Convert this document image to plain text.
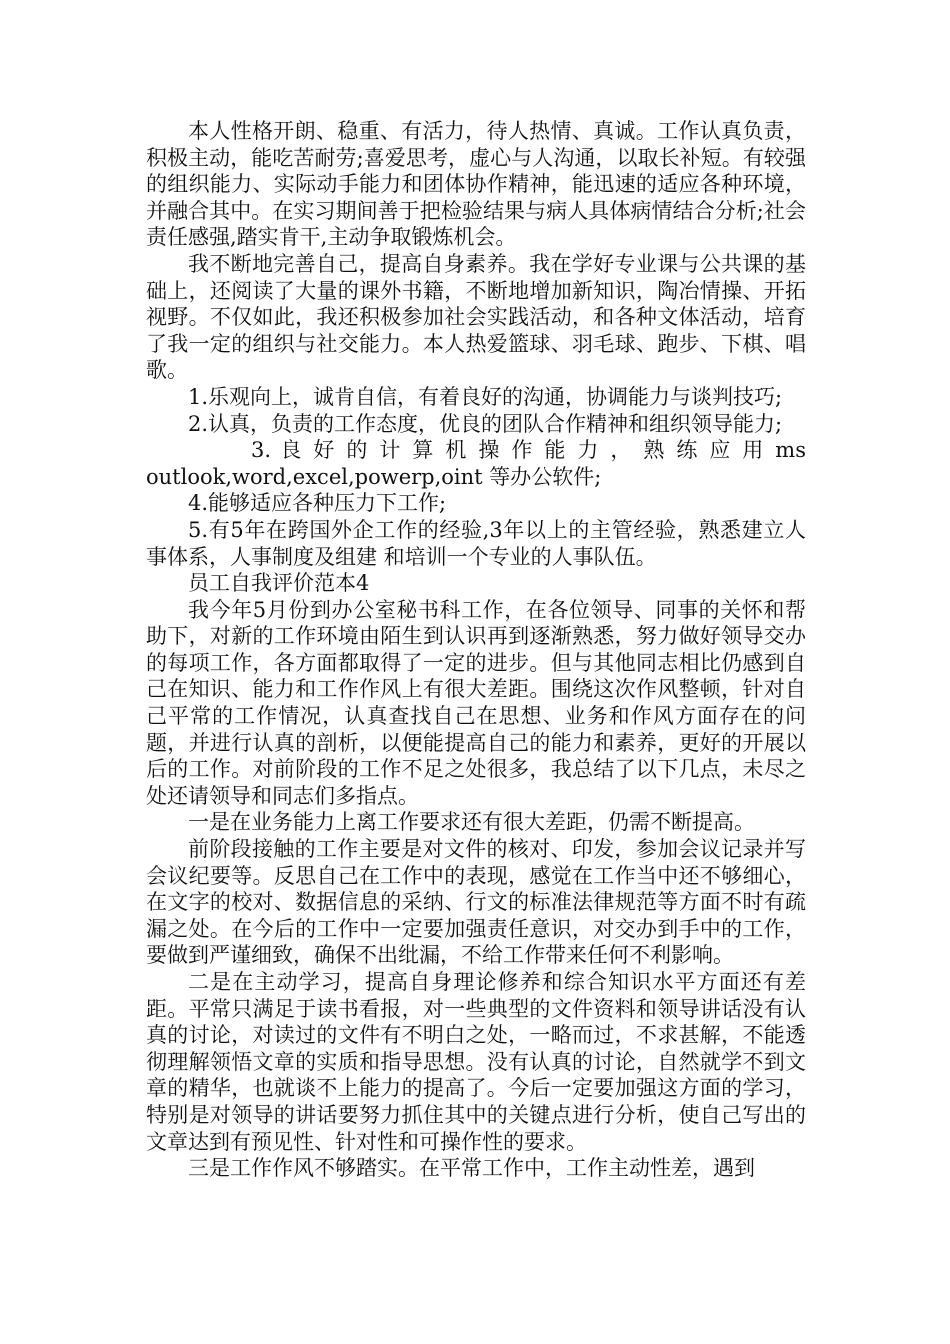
本人性格开朗、稳重、有活力，待人热情、真诚。工作认真负责，积极主动，能吃苦耐劳;喜爱思考，虚心与人沟通，以取长补短。有较强的组织能力、实际动手能力和团体协作精神，能迅速的适应各种环境，并融合其中。在实习期间善于把检验结果与病人具体病情结合分析;社会责任感强,踏实肯干,主动争取锻炼机会。

我不断地完善自己，提高自身素养。我在学好专业课与公共课的基础上，还阅读了大量的课外书籍，不断地增加新知识，陶冶情操、开拓视野。不仅如此，我还积极参加社会实践活动，和各种文体活动，培育了我一定的组织与社交能力。本人热爱篮球、羽毛球、跑步、下棋、唱歌。

1.乐观向上，诚肯自信，有着良好的沟通，协调能力与谈判技巧;

2.认真，负责的工作态度，优良的团队合作精神和组织领导能力;

3. 良 好 的 计 算 机 操 作 能 力 ， 熟 练 应 用 ms

outlook,word,excel,powerp,oint 等办公软件;

4.能够适应各种压力下工作;

5.有5年在跨国外企工作的经验,3年以上的主管经验，熟悉建立人事体系，人事制度及组建 和培训一个专业的人事队伍。

员工自我评价范本4

我今年5月份到办公室秘书科工作，在各位领导、同事的关怀和帮助下，对新的工作环境由陌生到认识再到逐渐熟悉，努力做好领导交办的每项工作，各方面都取得了一定的进步。但与其他同志相比仍感到自己在知识、能力和工作作风上有很大差距。围绕这次作风整顿，针对自己平常的工作情况，认真查找自己在思想、业务和作风方面存在的问题，并进行认真的剖析，以便能提高自己的能力和素养，更好的开展以后的工作。对前阶段的工作不足之处很多，我总结了以下几点，未尽之处还请领导和同志们多指点。

一是在业务能力上离工作要求还有很大差距，仍需不断提高。

前阶段接触的工作主要是对文件的核对、印发，参加会议记录并写会议纪要等。反思自己在工作中的表现，感觉在工作当中还不够细心，在文字的校对、数据信息的采纳、行文的标准法律规范等方面不时有疏漏之处。在今后的工作中一定要加强责任意识，对交办到手中的工作，要做到严谨细致，确保不出纰漏，不给工作带来任何不利影响。

二是在主动学习，提高自身理论修养和综合知识水平方面还有差距。平常只满足于读书看报，对一些典型的文件资料和领导讲话没有认真的讨论，对读过的文件有不明白之处，一略而过，不求甚解，不能透彻理解领悟文章的实质和指导思想。没有认真的讨论，自然就学不到文章的精华，也就谈不上能力的提高了。今后一定要加强这方面的学习，特别是对领导的讲话要努力抓住其中的关键点进行分析，使自己写出的文章达到有预见性、针对性和可操作性的要求。

三是工作作风不够踏实。在平常工作中，工作主动性差，遇到
